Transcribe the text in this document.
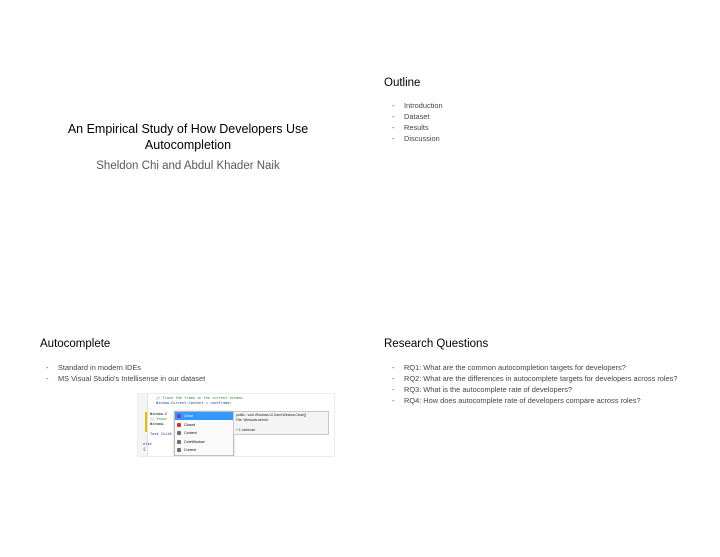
An Empirical Study of How Developers Use
Autocompletion
Sheldon Chi and Abdul Khader Naik
Outline
- Introduction
- Dataset
- Results
- Discussion
Autocomplete
- Standard in modern IDEs
- MS Visual Studio's Intellisense in our dataset
// Trace the frame in the current window
Window.Current.Content = rootFrame;
Window.C
// Ensur
Window.
Task InitA
else
{
Close
Closed
Content
CoreWindow
Current
public : void Windows.UI.Xaml.Window.Close()
File: Windows.winmd

+ 1 overload
Research Questions
- RQ1: What are the common autocompletion targets for developers?
- RQ2: What are the differences in autocomplete targets for developers across roles?
- RQ3: What is the autocomplete rate of developers?
- RQ4: How does autocomplete rate of developers compare across roles?
